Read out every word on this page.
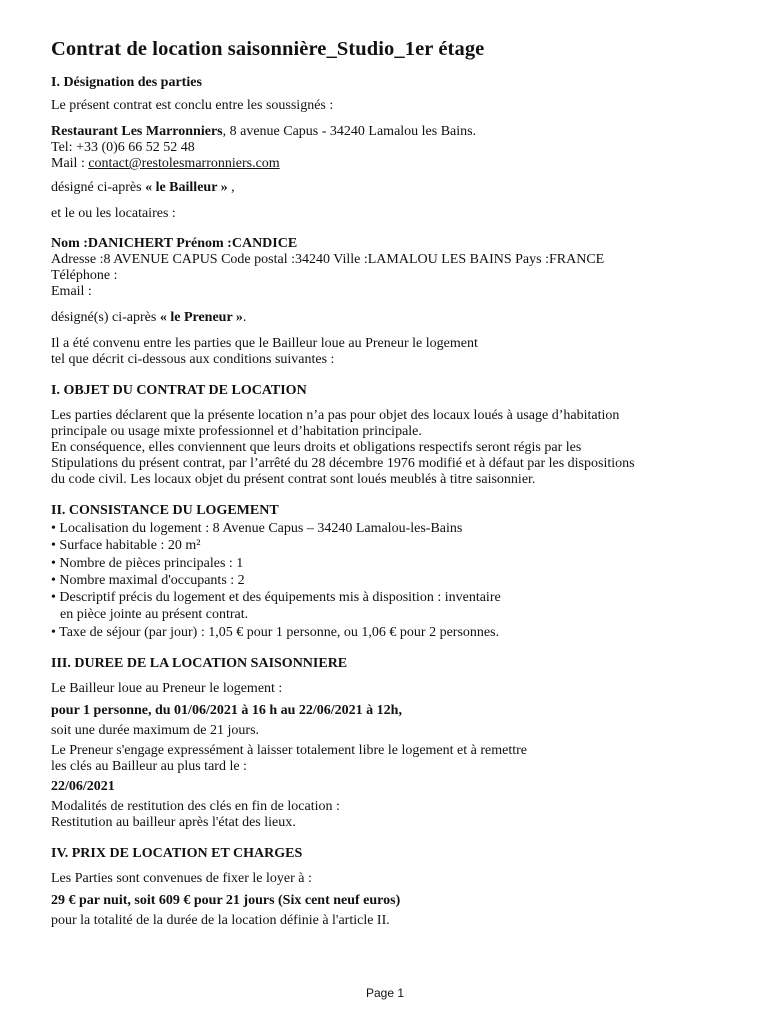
Contrat de location saisonnière_Studio_1er étage
I. Désignation des parties

Le présent contrat est conclu entre les soussignés :

Restaurant Les Marronniers, 8 avenue Capus - 34240 Lamalou les Bains.
Tel: +33 (0)6 66 52 52 48
Mail : contact@restolesmarronniers.com

désigné ci-après « le Bailleur » ,

et le ou les locataires :

Nom :DANICHERT Prénom :CANDICE
Adresse :8 AVENUE CAPUS Code postal :34240 Ville :LAMALOU LES BAINS Pays :FRANCE
Téléphone :
Email :

désigné(s) ci-après « le Preneur ».

Il a été convenu entre les parties que le Bailleur loue au Preneur le logement
tel que décrit ci-dessous aux conditions suivantes :
I. OBJET DU CONTRAT DE LOCATION
Les parties déclarent que la présente location n’a pas pour objet des locaux loués à usage d’habitation
principale ou usage mixte professionnel et d’habitation principale.
En conséquence, elles conviennent que leurs droits et obligations respectifs seront régis par les
Stipulations du présent contrat, par l’arrêté du 28 décembre 1976 modifié et à défaut par les dispositions
du code civil. Les locaux objet du présent contrat sont loués meublés à titre saisonnier.
II. CONSISTANCE DU LOGEMENT
• Localisation du logement : 8 Avenue Capus – 34240 Lamalou-les-Bains
• Surface habitable : 20 m²
• Nombre de pièces principales : 1
• Nombre maximal d'occupants : 2
• Descriptif précis du logement et des équipements mis à disposition : inventaire
en pièce jointe au présent contrat.
• Taxe de séjour (par jour) : 1,05 € pour 1 personne, ou 1,06 € pour 2 personnes.
III. DUREE DE LA LOCATION SAISONNIERE

Le Bailleur loue au Preneur le logement :

pour 1 personne, du 01/06/2021 à 16 h au 22/06/2021 à 12h,

soit une durée maximum de 21 jours.

Le Preneur s'engage expressément à laisser totalement libre le logement et à remettre
les clés au Bailleur au plus tard le :

22/06/2021

Modalités de restitution des clés en fin de location :
Restitution au bailleur après l'état des lieux.
IV. PRIX DE LOCATION ET CHARGES

Les Parties sont convenues de fixer le loyer à :

29 € par nuit, soit 609 € pour 21 jours (Six cent neuf euros)

pour la totalité de la durée de la location définie à l'article II.

Page 1
